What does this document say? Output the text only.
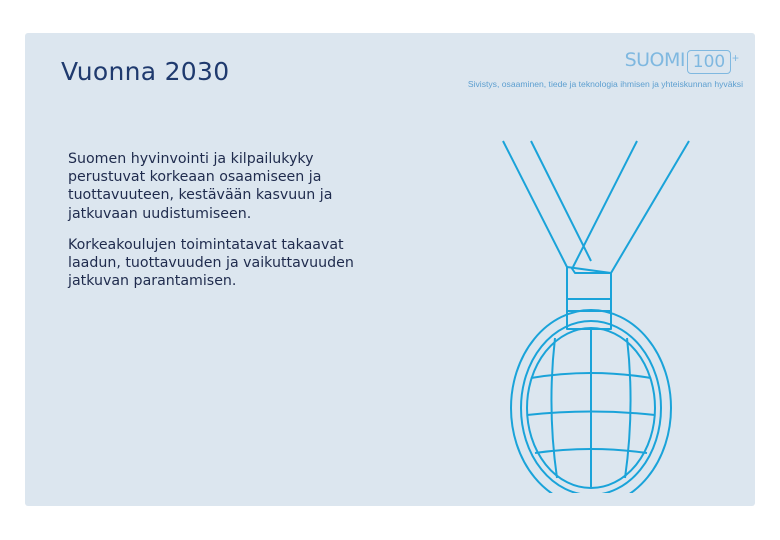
Vuonna 2030

Suomen hyvinvointi ja kilpailukyky perustuvat korkeaan osaamiseen ja tuottavuuteen, kestävään kasvuun ja jatkuvaan uudistumiseen.

Korkeakoulujen toimintatavat takaavat laadun, tuottavuuden ja vaikuttavuuden jatkuvan parantamisen.

SUOMI 100 +
Sivistys, osaaminen, tiede ja teknologia ihmisen ja yhteiskunnan hyväksi
